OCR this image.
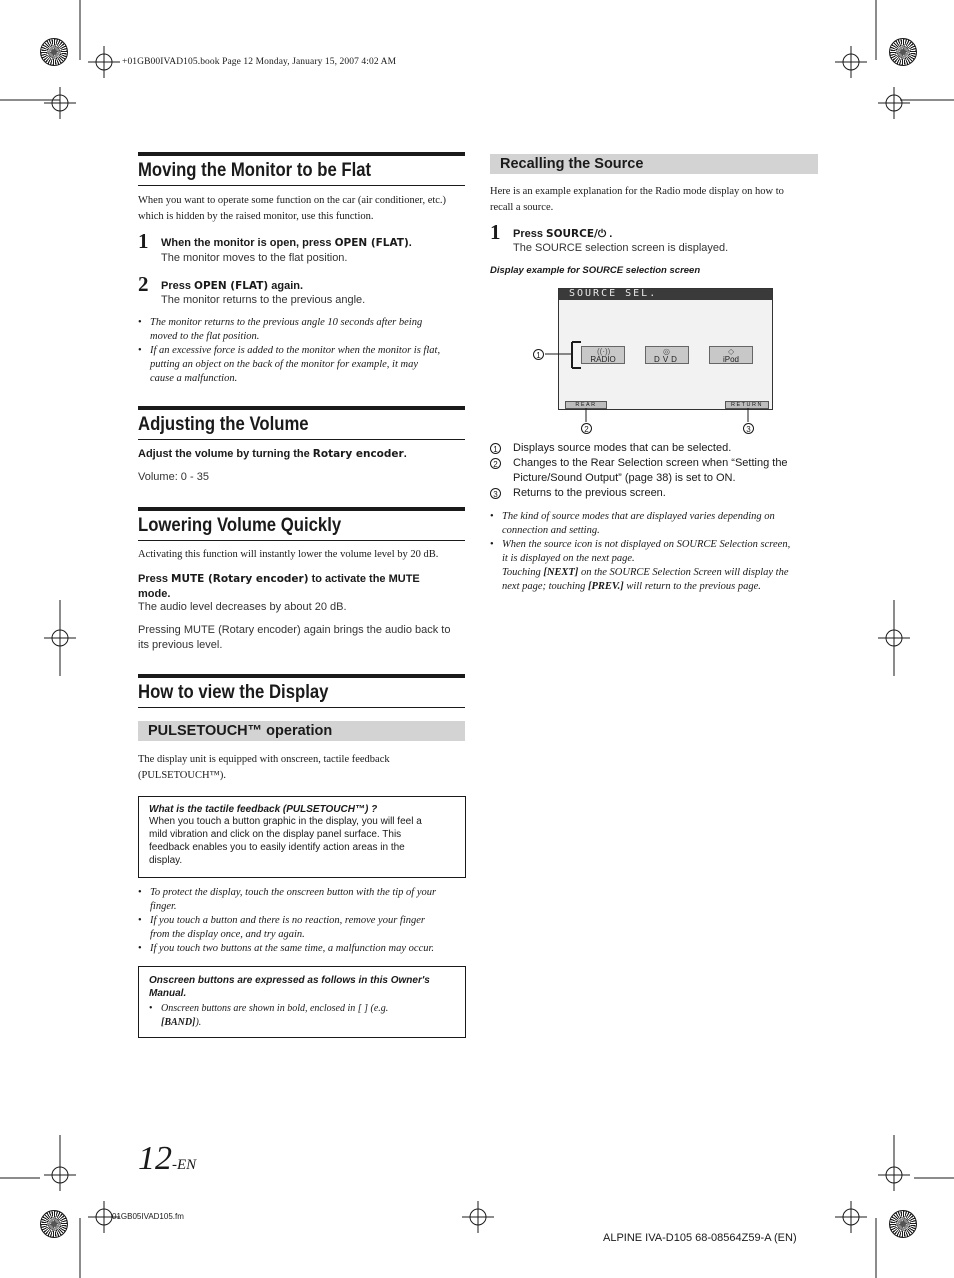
+01GB00IVAD105.book Page 12 Monday, January 15, 2007 4:02 AM
Moving the Monitor to be Flat
When you want to operate some function on the car (air conditioner, etc.) which is hidden by the raised monitor, use this function.
1 When the monitor is open, press OPEN (FLAT).
The monitor moves to the flat position.
2 Press OPEN (FLAT) again.
The monitor returns to the previous angle.
• The monitor returns to the previous angle 10 seconds after being
moved to the flat position.
• If an excessive force is added to the monitor when the monitor is flat,
putting an object on the back of the monitor for example, it may
cause a malfunction.
Adjusting the Volume
Adjust the volume by turning the Rotary encoder.
Volume: 0 - 35
Lowering Volume Quickly
Activating this function will instantly lower the volume level by 20 dB.
Press MUTE (Rotary encoder) to activate the MUTE
mode.
The audio level decreases by about 20 dB.
Pressing MUTE (Rotary encoder) again brings the audio back to
its previous level.
How to view the Display
PULSETOUCH™ operation
The display unit is equipped with onscreen, tactile feedback
(PULSETOUCH™).
What is the tactile feedback (PULSETOUCH™) ?
When you touch a button graphic in the display, you will feel a
mild vibration and click on the display panel surface. This
feedback enables you to easily identify action areas in the
display.
• To protect the display, touch the onscreen button with the tip of your
finger.
• If you touch a button and there is no reaction, remove your finger
from the display once, and try again.
• If you touch two buttons at the same time, a malfunction may occur.
Onscreen buttons are expressed as follows in this Owner's
Manual.
• Onscreen buttons are shown in bold, enclosed in [ ] (e.g.
[BAND]).
Recalling the Source
Here is an example explanation for the Radio mode display on how to
recall a source.
1 Press SOURCE/⏻ .
The SOURCE selection screen is displayed.
Display example for SOURCE selection screen
SOURCE SEL.
((·))
RADIO
◎
DVD
◇
iPod
REAR	RETURN
1
2	3
1 Displays source modes that can be selected.
2 Changes to the Rear Selection screen when “Setting the
Picture/Sound Output” (page 38) is set to ON.
3 Returns to the previous screen.
• The kind of source modes that are displayed varies depending on
connection and setting.
• When the source icon is not displayed on SOURCE Selection screen,
it is displayed on the next page.
Touching [NEXT] on the SOURCE Selection Screen will display the
next page; touching [PREV.] will return to the previous page.
12-EN
01GB05IVAD105.fm
ALPINE IVA-D105 68-08564Z59-A (EN)
